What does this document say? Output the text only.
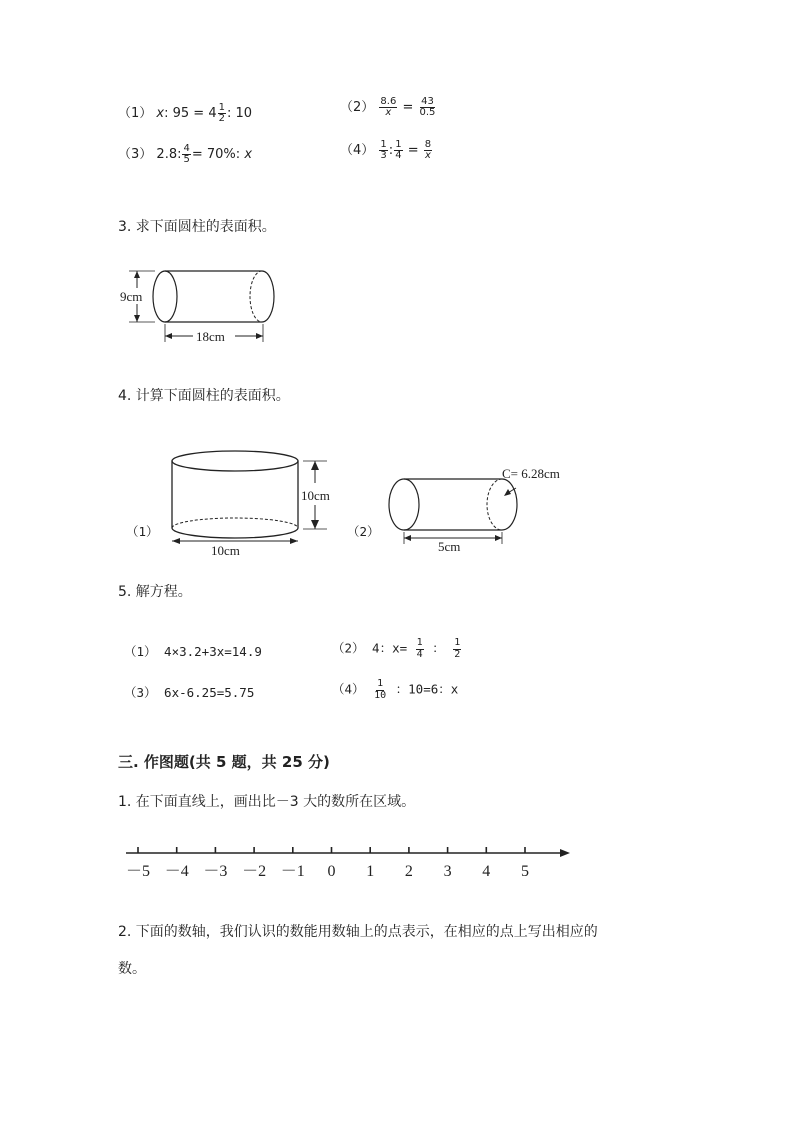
（1） x: $95 = 4 \frac{1}{2}$ : 10	$(2) \frac{8.6}{x} = \frac{43}{0.5}$
（3） 2.8: $\frac{4}{5} = 70\%$: x	$(4) \frac{1}{3}$ : $\frac{1}{4} = \frac{8}{x}$
3. 求下面圆柱的表面积。
9cm
18cm
4. 计算下面圆柱的表面积。
（1）
10cm
10cm
（2）
C= 6.28cm
5cm
5. 解方程。
（1） 4×3.2+3x=14.9	（2） 4：$x= \frac{1}{4}$ ： $\frac{1}{2}$
（3） 6x-6.25=5.75	$(4) \frac{1}{10}$ ：10=6：x
三. 作图题(共 5 题，共 25 分)
1. 在下面直线上，画出比－3 大的数所在区域。
－5 －4 －3 －2 －1 0 1 2 3 4 5
2. 下面的数轴，我们认识的数能用数轴上的点表示，在相应的点上写出相应的
数。
